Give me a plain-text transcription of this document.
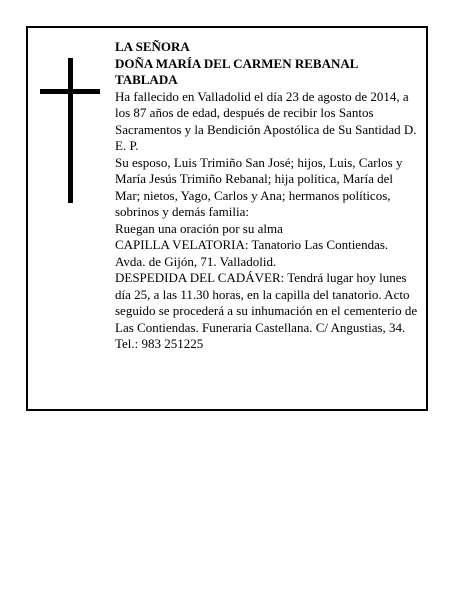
LA SEÑORA

DOÑA MARÍA DEL CARMEN REBANAL TABLADA

Ha fallecido en Valladolid el día 23 de agosto de 2014, a los 87 años de edad, después de recibir los Santos Sacramentos y la Bendición Apostólica de Su Santidad D. E. P.

Su esposo, Luis Trimiño San José; hijos, Luis, Carlos y María Jesús Trimiño Rebanal; hija política, María del Mar; nietos, Yago, Carlos y Ana; hermanos políticos, sobrinos y demás familia:

Ruegan una oración por su alma

CAPILLA VELATORIA: Tanatorio Las Contiendas. Avda. de Gijón, 71. Valladolid.

DESPEDIDA DEL CADÁVER: Tendrá lugar hoy lunes día 25, a las 11.30 horas, en la capilla del tanatorio. Acto seguido se procederá a su inhumación en el cementerio de Las Contiendas. Funeraria Castellana. C/ Angustias, 34. Tel.: 983 251225
